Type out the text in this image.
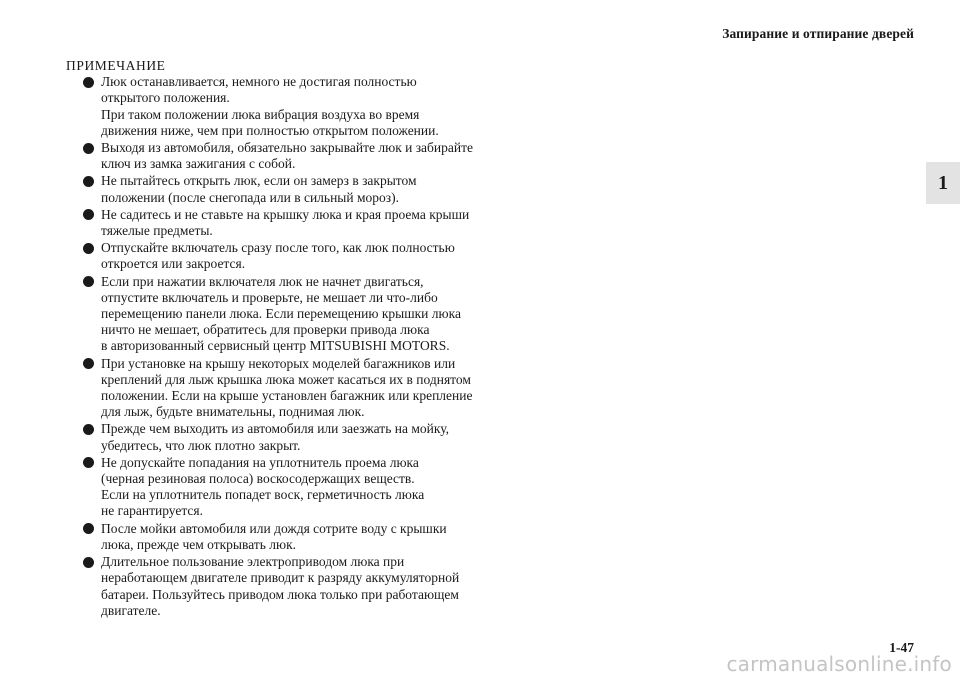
Запирание и отпирание дверей
1
ПРИМЕЧАНИЕ
Люк останавливается, немного не достигая полностью
открытого положения.
При таком положении люка вибрация воздуха во время
движения ниже, чем при полностью открытом положении.
Выходя из автомобиля, обязательно закрывайте люк и забирайте
ключ из замка зажигания с собой.
Не пытайтесь открыть люк, если он замерз в закрытом
положении (после снегопада или в сильный мороз).
Не садитесь и не ставьте на крышку люка и края проема крыши
тяжелые предметы.
Отпускайте включатель сразу после того, как люк полностью
откроется или закроется.
Если при нажатии включателя люк не начнет двигаться,
отпустите включатель и проверьте, не мешает ли что-либо
перемещению панели люка. Если перемещению крышки люка
ничто не мешает, обратитесь для проверки привода люка
в авторизованный сервисный центр MITSUBISHI MOTORS.
При установке на крышу некоторых моделей багажников или
креплений для лыж крышка люка может касаться их в поднятом
положении. Если на крыше установлен багажник или крепление
для лыж, будьте внимательны, поднимая люк.
Прежде чем выходить из автомобиля или заезжать на мойку,
убедитесь, что люк плотно закрыт.
Не допускайте попадания на уплотнитель проема люка
(черная резиновая полоса) воскосодержащих веществ.
Если на уплотнитель попадет воск, герметичность люка
не гарантируется.
После мойки автомобиля или дождя сотрите воду с крышки
люка, прежде чем открывать люк.
Длительное пользование электроприводом люка при
неработающем двигателе приводит к разряду аккумуляторной
батареи. Пользуйтесь приводом люка только при работающем
двигателе.
1-47
carmanualsonline.info
